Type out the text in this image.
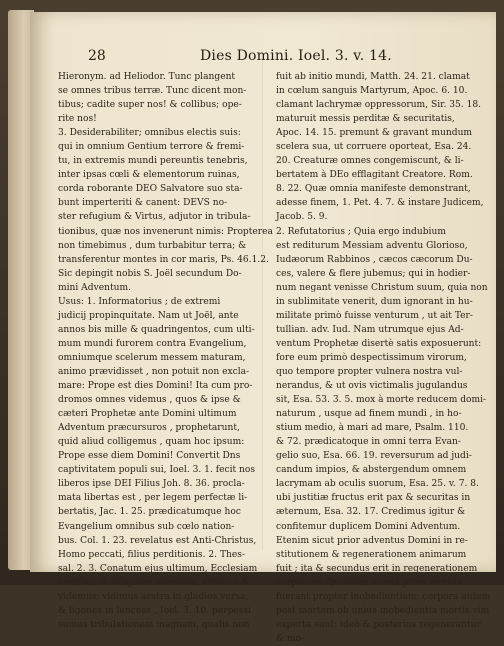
28	Dies Domini. Ioel. 3. v. 14.
Hieronym. ad Heliodor. Tunc plangent
se omnes tribus terræ. Tunc dicent mon-
tibus; cadite super nos! & collibus; ope-
rite nos!
3. Desiderabiliter; omnibus electis suis:
qui in omnium Gentium terrore & fremi-
tu, in extremis mundi pereuntis tenebris,
inter ipsas cœli & elementorum ruinas,
corda roborante DEO Salvatore suo sta-
bunt imperteriti & canent: DEVS no-
ster refugium & Virtus, adjutor in tribula-
tionibus, quæ nos invenerunt nimis: Propterea
non timebimus , dum turbabitur terra; &
transferentur montes in cor maris, Ps. 46.1.2.
Sic depingit nobis S. Joël secundum Do-
mini Adventum.
Usus: 1. Informatorius ; de extremi
judicij propinquitate. Nam ut Joël, ante
annos bis mille & quadringentos, cum ulti-
mum mundi furorem contra Evangelium,
omniumque scelerum messem maturam,
animo prævidisset , non potuit non excla-
mare: Prope est dies Domini! Ita cum pro-
dromos omnes videmus , quos & ipse &
cæteri Prophetæ ante Domini ultimum
Adventum præcursuros , prophetarunt,
quid aliud colligemus , quam hoc ipsum:
Prope esse diem Domini! Convertit Dns
captivitatem populi sui, Ioel. 3. 1. fecit nos
liberos ipse DEI Filius Joh. 8. 36. procla-
mata libertas est , per legem perfectæ li-
bertatis, Jac. 1. 25. prædicatumque hoc
Evangelium omnibus sub cœlo nation-
bus. Col. 1. 23. revelatus est Anti-Christus,
Homo peccati, filius perditionis. 2. Thes-
sal. 2. 3. Conatum ejus ultimum, Ecclesiam
cædibus & sanguine obruendi, vidimus &
videmus; vidimus aratra in gladios versa,
& ligones in lanceas , Ioel. 3. 10. perpessi
sumus tribulationem magnam, qualis non
fuit ab initio mundi, Matth. 24. 21. clamat
in cœlum sanguis Martyrum, Apoc. 6. 10.
clamant lachrymæ oppressorum, Sir. 35. 18.
maturuit messis perditæ & securitatis,
Apoc. 14. 15. premunt & gravant mundum
scelera sua, ut corruere oporteat, Esa. 24.
20. Creaturæ omnes congemiscunt, & li-
bertatem à DEo efflagitant Creatore. Rom.
8. 22. Quæ omnia manifeste demonstrant,
adesse finem, 1. Pet. 4. 7. & instare Judicem,
Jacob. 5. 9.
2. Refutatorius ; Quia ergo indubium
est rediturum Messiam adventu Glorioso,
Iudæorum Rabbinos , cæcos cæcorum Du-
ces, valere & flere jubemus; qui in hodier-
num negant venisse Christum suum, quia non
in sublimitate venerit, dum ignorant in hu-
militate primò fuisse venturum , ut ait Ter-
tullian. adv. Iud. Nam utrumque ejus Ad-
ventum Prophetæ disertè satis exposuerunt:
fore eum primò despectissimum virorum,
quo tempore propter vulnera nostra vul-
nerandus, & ut ovis victimalis jugulandus
sit, Esa. 53. 3. 5. mox à morte reducem domi-
naturum , usque ad finem mundi , in ho-
stium medio, à mari ad mare, Psalm. 110.
& 72. prædicatoque in omni terra Evan-
gelio suo, Esa. 66. 19. reversurum ad judi-
candum impios, & abstergendum omnem
lacrymam ab oculis suorum, Esa. 25. v. 7. 8.
ubi justitiæ fructus erit pax & securitas in
æternum, Esa. 32. 17. Credimus igitur &
confitemur duplicem Domini Adventum.
Etenim sicut prior adventus Domini in re-
stitutionem & regenerationem animarum
fuit ; ita & secundus erit in regenerationem
corporum. Quoniam anima prius mortua
fuerant propter inobedientiam: corpora autem
post mortem ob unius inobedientia mortis vim
experta sunt: ideò & posterius regenerantur
& mo-
